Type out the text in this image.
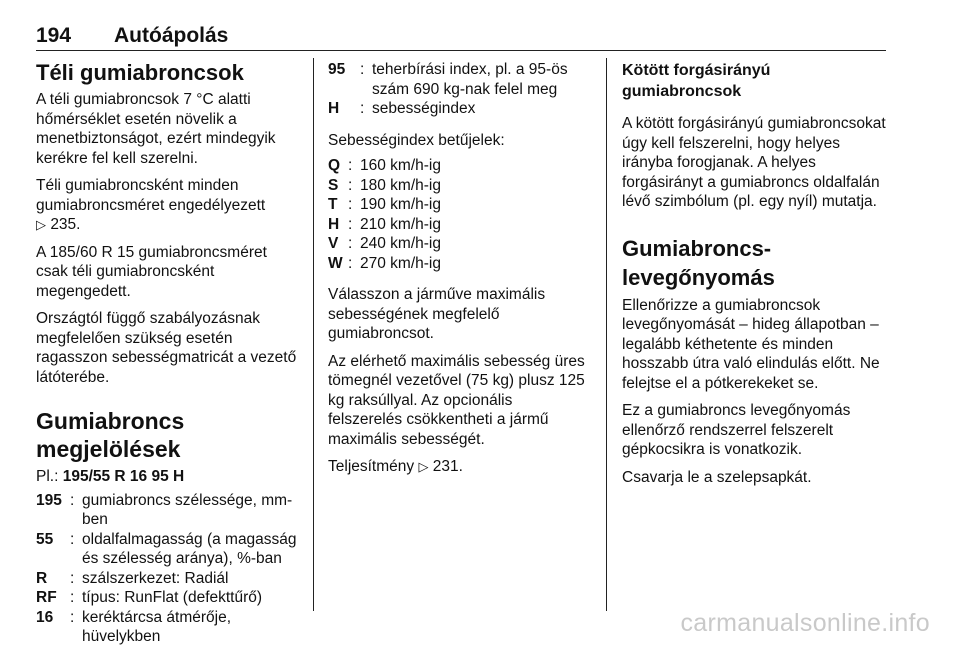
194 Autóápolás
Téli gumiabroncsok

A téli gumiabroncsok 7 °C alatti hőmérséklet esetén növelik a menetbiztonságot, ezért mindegyik kerékre fel kell szerelni.

Téli gumiabroncsként minden gumiabroncsméret engedélyezett
▷ 235.

A 185/60 R 15 gumiabroncsméret csak téli gumiabroncsként megengedett.

Országtól függő szabályozásnak megfelelően szükség esetén ragasszon sebességmatricát a vezető látóterébe.

Gumiabroncs megjelölések

Pl.: 195/55 R 16 95 H

195 : gumiabroncs szélessége, mm-ben
55	: oldalfalmagasság (a magasság és szélesség aránya), %-ban
R	: szálszerkezet: Radiál
RF : típus: RunFlat (defekttűrő)
16	: keréktárcsa átmérője, hüvelykben
95 : teherbírási index, pl. a 95-ös szám 690 kg-nak felel meg
H	: sebességindex

Sebességindex betűjelek:

Q : 160 km/h-ig
S : 180 km/h-ig
T : 190 km/h-ig
H : 210 km/h-ig
V : 240 km/h-ig
W : 270 km/h-ig

Válasszon a járműve maximális sebességének megfelelő gumiabroncsot.

Az elérhető maximális sebesség üres tömegnél vezetővel (75 kg) plusz 125 kg raksúllyal. Az opcionális felszerelés csökkentheti a jármű maximális sebességét.

Teljesítmény ▷ 231.

Kötött forgásirányú gumiabroncsok

A kötött forgásirányú gumiabroncsokat úgy kell felszerelni, hogy helyes irányba forogjanak. A helyes forgásirányt a gumiabroncs oldalfalán lévő szimbólum (pl. egy nyíl) mutatja.

Gumiabroncs-levegőnyomás

Ellenőrizze a gumiabroncsok levegőnyomását – hideg állapotban – legalább kéthetente és minden hosszabb útra való elindulás előtt. Ne felejtse el a pótkerekeket se.

Ez a gumiabroncs levegőnyomás ellenőrző rendszerrel felszerelt gépkocsikra is vonatkozik.

Csavarja le a szelepsapkát.

carmanualsonline.info
